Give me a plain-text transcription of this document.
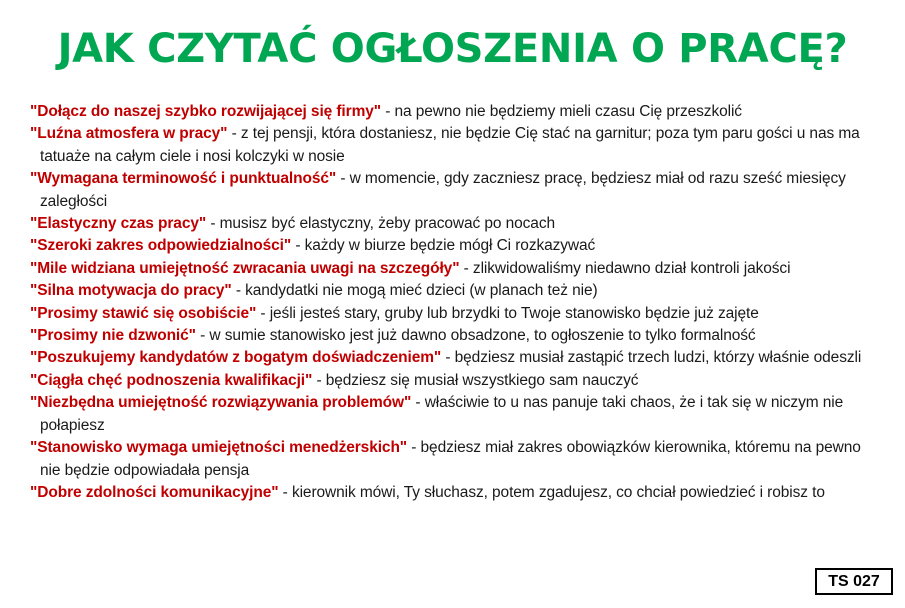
JAK CZYTAĆ OGŁOSZENIA O PRACĘ?
"Dołącz do naszej szybko rozwijającej się firmy" - na pewno nie będziemy mieli czasu Cię przeszkolić
"Luźna atmosfera w pracy" - z tej pensji, która dostaniesz, nie będzie Cię stać na garnitur; poza tym paru gości u nas ma tatuaże na całym ciele i nosi kolczyki w nosie
"Wymagana terminowość i punktualność" - w momencie, gdy zaczniesz pracę, będziesz miał od razu sześć miesięcy zaległości
"Elastyczny czas pracy" - musisz być elastyczny, żeby pracować po nocach
"Szeroki zakres odpowiedzialności" - każdy w biurze będzie mógł Ci rozkazywać
"Mile widziana umiejętność zwracania uwagi na szczegóły" - zlikwidowaliśmy niedawno dział kontroli jakości
"Silna motywacja do pracy" - kandydatki nie mogą mieć dzieci (w planach też nie)
"Prosimy stawić się osobiście" - jeśli jesteś stary, gruby lub brzydki to Twoje stanowisko będzie już zajęte
"Prosimy nie dzwonić" - w sumie stanowisko jest już dawno obsadzone, to ogłoszenie to tylko formalność
"Poszukujemy kandydatów z bogatym doświadczeniem" - będziesz musiał zastąpić trzech ludzi, którzy właśnie odeszli
"Ciągła chęć podnoszenia kwalifikacji" - będziesz się musiał wszystkiego sam nauczyć
"Niezbędna umiejętność rozwiązywania problemów" - właściwie to u nas panuje taki chaos, że i tak się w niczym nie połapiesz
"Stanowisko wymaga umiejętności menedżerskich" - będziesz miał zakres obowiązków kierownika, któremu na pewno nie będzie odpowiadała pensja
"Dobre zdolności komunikacyjne" - kierownik mówi, Ty słuchasz, potem zgadujesz, co chciał powiedzieć i robisz to
TS 027
